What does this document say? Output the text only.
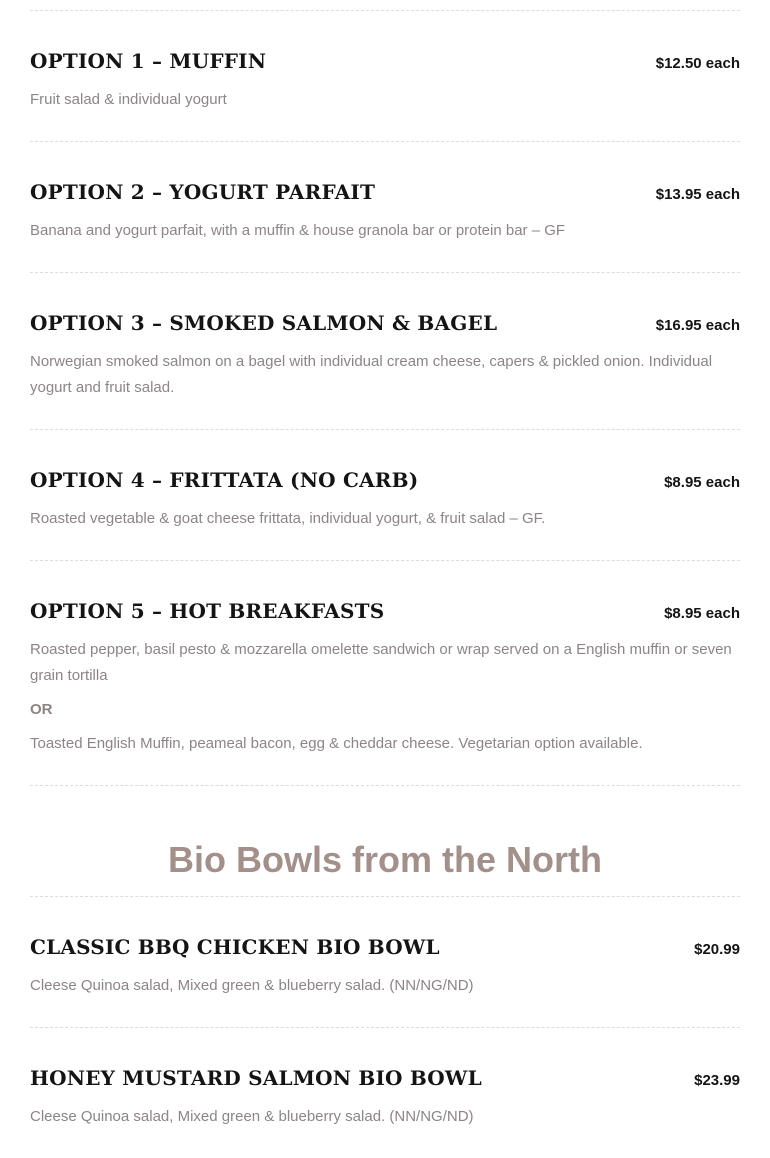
OPTION 1 – MUFFIN	$12.50 each
Fruit salad & individual yogurt
OPTION 2 – YOGURT PARFAIT	$13.95 each
Banana and yogurt parfait, with a muffin & house granola bar or protein bar – GF
OPTION 3 – SMOKED SALMON & BAGEL	$16.95 each
Norwegian smoked salmon on a bagel with individual cream cheese, capers & pickled onion. Individual yogurt and fruit salad.
OPTION 4 – FRITTATA (NO CARB)	$8.95 each
Roasted vegetable & goat cheese frittata, individual yogurt, & fruit salad – GF.
OPTION 5 – HOT BREAKFASTS	$8.95 each
Roasted pepper, basil pesto & mozzarella omelette sandwich or wrap served on a English muffin or seven grain tortilla
OR
Toasted English Muffin, peameal bacon, egg & cheddar cheese. Vegetarian option available.
Bio Bowls from the North
CLASSIC BBQ CHICKEN BIO BOWL	$20.99
Cleese Quinoa salad, Mixed green & blueberry salad. (NN/NG/ND)
HONEY MUSTARD SALMON BIO BOWL	$23.99
Cleese Quinoa salad, Mixed green & blueberry salad. (NN/NG/ND)
